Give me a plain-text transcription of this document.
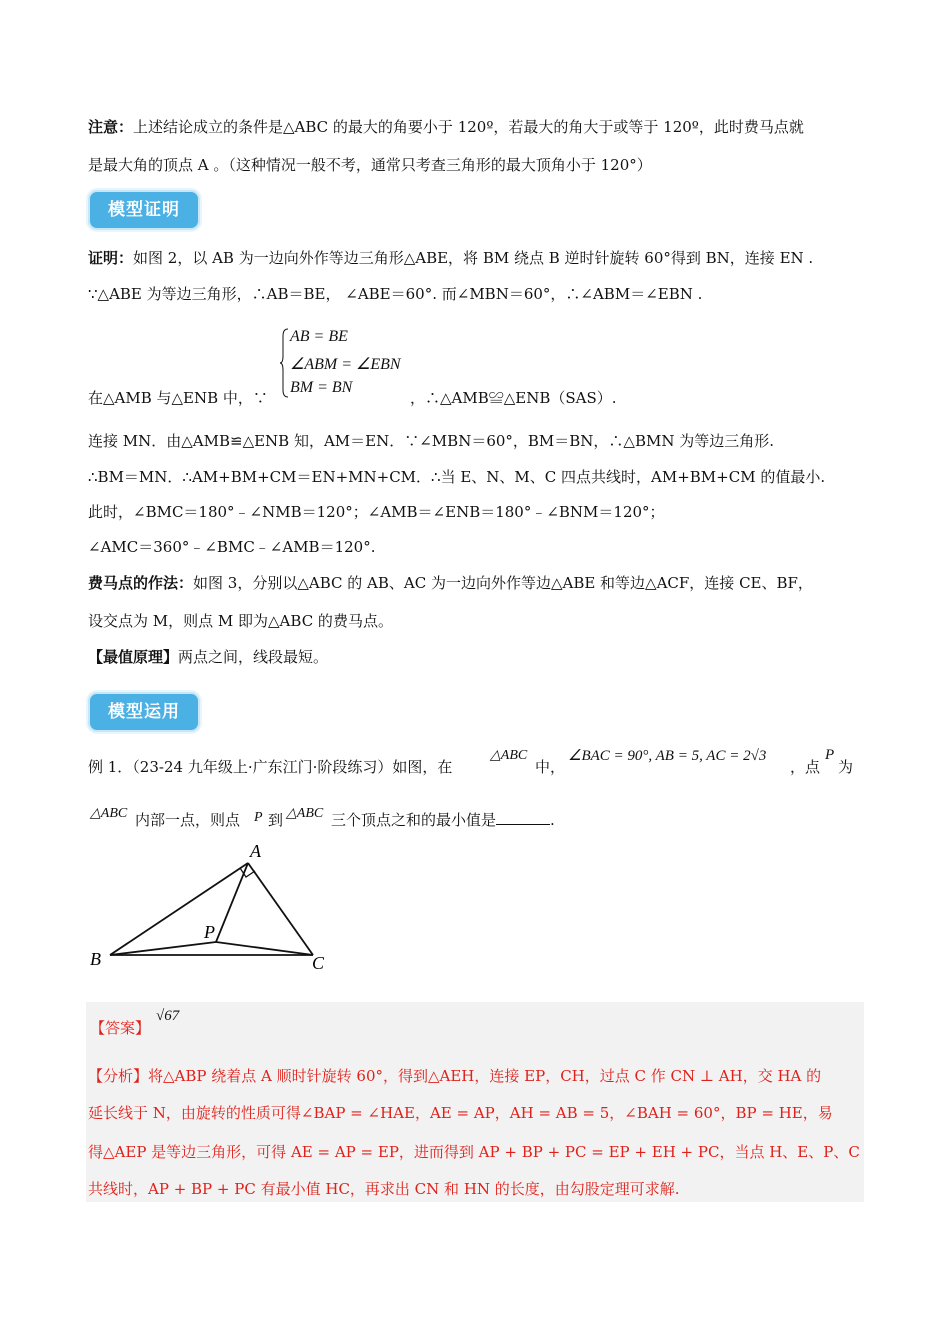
注意：上述结论成立的条件是△ABC 的最大的角要小于 120º，若最大的角大于或等于 120º，此时费马点就
是最大角的顶点 A 。（这种情况一般不考，通常只考查三角形的最大顶角小于 120°）
模型证明
证明：如图 2，以 AB 为一边向外作等边三角形△ABE，将 BM 绕点 B 逆时针旋转 60°得到 BN，连接 EN .
∵△ABE 为等边三角形，∴AB＝BE， ∠ABE＝60°. 而∠MBN＝60°，∴∠ABM＝∠EBN .
AB = BE
∠ABM = ∠EBN
BM = BN
在△AMB 与△ENB 中，∵	，∴△AMB≌△ENB（SAS）.
连接 MN．由△AMB≌△ENB 知，AM＝EN．∵∠MBN＝60°，BM＝BN，∴△BMN 为等边三角形.
∴BM＝MN．∴AM+BM+CM＝EN+MN+CM．∴当 E、N、M、C 四点共线时，AM+BM+CM 的值最小.
此时，∠BMC＝180°﹣∠NMB＝120°；∠AMB＝∠ENB＝180°﹣∠BNM＝120°；
∠AMC＝360°﹣∠BMC﹣∠AMB＝120°.
费马点的作法：如图 3，分别以△ABC 的 AB、AC 为一边向外作等边△ABE 和等边△ACF，连接 CE、BF，
设交点为 M，则点 M 即为△ABC 的费马点。
【最值原理】两点之间，线段最短。
模型运用
例 1．（23-24 九年级上·广东江门·阶段练习）如图，在
△ABC
中，
∠BAC = 90°, AB = 5, AC = 2√3
，点
P
为
△ABC 内部一点，则点 P 到 △ABC 三个顶点之和的最小值是	.
A
B	C
P
【答案】
√67
【分析】将△ABP 绕着点 A 顺时针旋转 60°，得到△AEH，连接 EP，CH，过点 C 作 CN ⊥ AH，交 HA 的
延长线于 N，由旋转的性质可得∠BAP = ∠HAE，AE = AP，AH = AB = 5，∠BAH = 60°，BP = HE，易
得△AEP 是等边三角形，可得 AE = AP = EP，进而得到 AP + BP + PC = EP + EH + PC，当点 H、E、P、C
共线时，AP + BP + PC 有最小值 HC，再求出 CN 和 HN 的长度，由勾股定理可求解.
